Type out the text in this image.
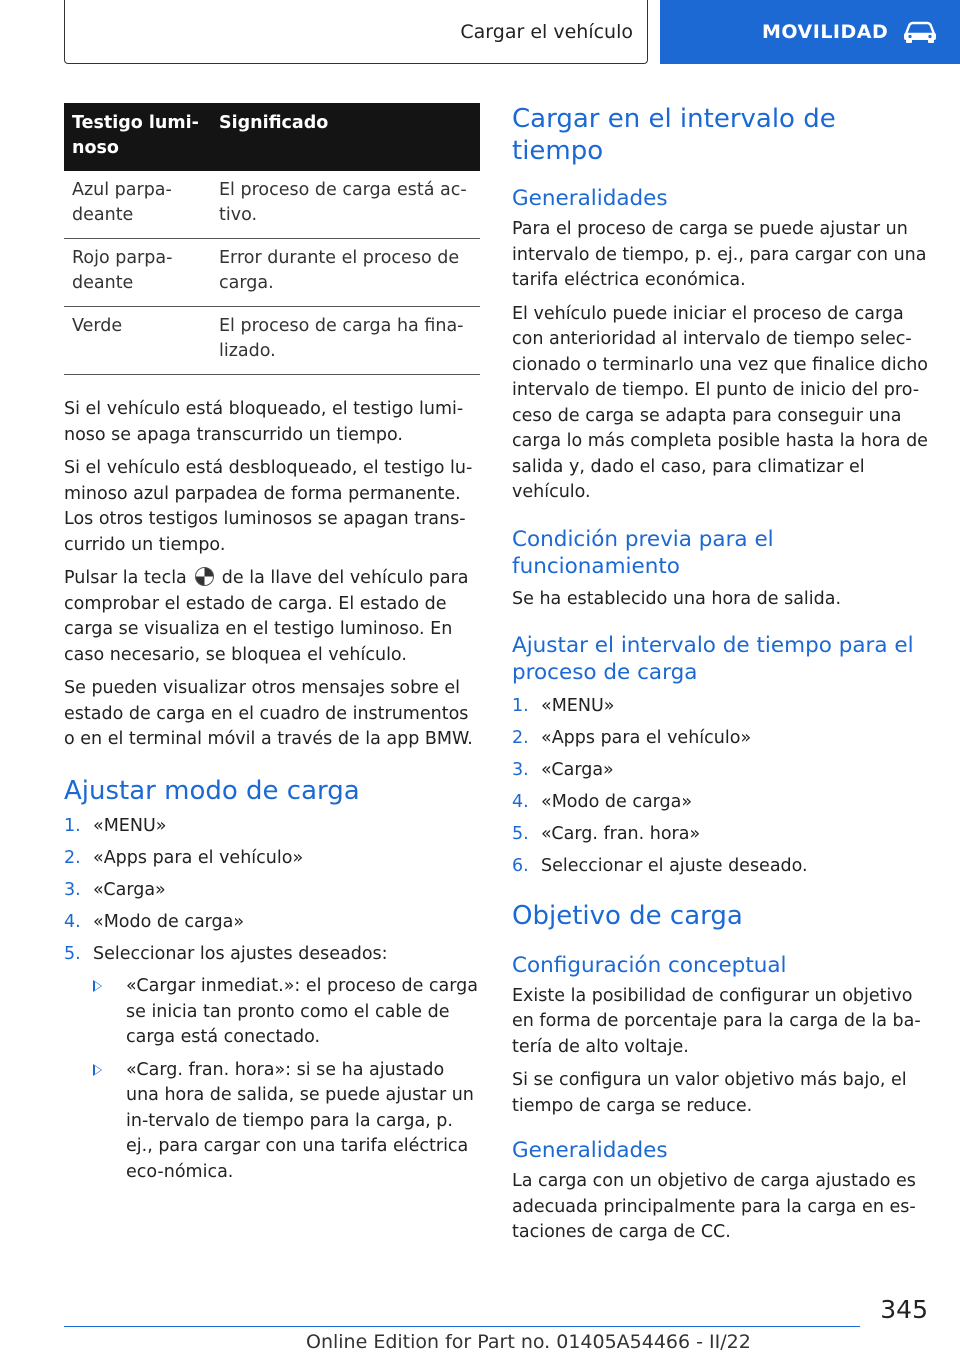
Cargar el vehículo	MOVILIDAD
Testigo lumi-noso	Significado
Azul parpa-deante	El proceso de carga está ac-tivo.
Rojo parpa-deante	Error durante el proceso de carga.
Verde	El proceso de carga ha fina-lizado.

Si el vehículo está bloqueado, el testigo lumi-noso se apaga transcurrido un tiempo.

Si el vehículo está desbloqueado, el testigo lu-minoso azul parpadea de forma permanente. Los otros testigos luminosos se apagan trans-currido un tiempo.

Pulsar la tecla de la llave del vehículo para comprobar el estado de carga. El estado de carga se visualiza en el testigo luminoso. En caso necesario, se bloquea el vehículo.

Se pueden visualizar otros mensajes sobre el estado de carga en el cuadro de instrumentos o en el terminal móvil a través de la app BMW.

Ajustar modo de carga
1. «MENU»
2. «Apps para el vehículo»
3. «Carga»
4. «Modo de carga»
5. Seleccionar los ajustes deseados:
«Cargar inmediat.»: el proceso de carga se inicia tan pronto como el cable de carga está conectado.
«Carg. fran. hora»: si se ha ajustado una hora de salida, se puede ajustar un in-tervalo de tiempo para la carga, p. ej., para cargar con una tarifa eléctrica eco-nómica.
Cargar en el intervalo de tiempo
Generalidades

Para el proceso de carga se puede ajustar un intervalo de tiempo, p. ej., para cargar con una tarifa eléctrica económica.

El vehículo puede iniciar el proceso de carga con anterioridad al intervalo de tiempo selec-cionado o terminarlo una vez que finalice dicho intervalo de tiempo. El punto de inicio del pro-ceso de carga se adapta para conseguir una carga lo más completa posible hasta la hora de salida y, dado el caso, para climatizar el vehículo.

Condición previa para el funcionamiento

Se ha establecido una hora de salida.

Ajustar el intervalo de tiempo para el proceso de carga
1. «MENU»
2. «Apps para el vehículo»
3. «Carga»
4. «Modo de carga»
5. «Carg. fran. hora»
6. Seleccionar el ajuste deseado.
Objetivo de carga
Configuración conceptual

Existe la posibilidad de configurar un objetivo en forma de porcentaje para la carga de la ba-tería de alto voltaje.

Si se configura un valor objetivo más bajo, el tiempo de carga se reduce.

Generalidades

La carga con un objetivo de carga ajustado es adecuada principalmente para la carga en es-taciones de carga de CC.

345
Online Edition for Part no. 01405A54466 - II/22
